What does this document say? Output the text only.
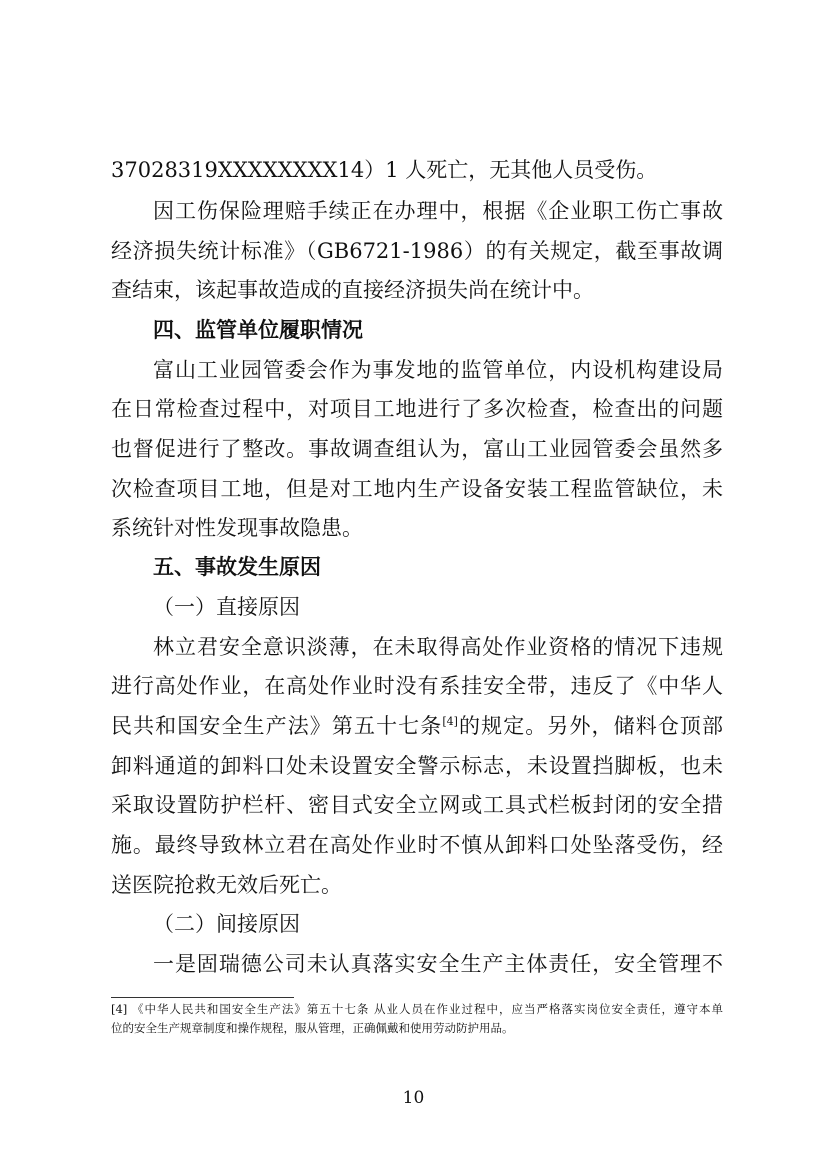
37028319XXXXXXXX14）1 人死亡，无其他人员受伤。
因工伤保险理赔手续正在办理中，根据《企业职工伤亡事故
经济损失统计标准》（GB6721-1986）的有关规定，截至事故调
查结束，该起事故造成的直接经济损失尚在统计中。
四、监管单位履职情况
富山工业园管委会作为事发地的监管单位，内设机构建设局
在日常检查过程中，对项目工地进行了多次检查，检查出的问题
也督促进行了整改。事故调查组认为，富山工业园管委会虽然多
次检查项目工地，但是对工地内生产设备安装工程监管缺位，未
系统针对性发现事故隐患。
五、事故发生原因
（一）直接原因
林立君安全意识淡薄，在未取得高处作业资格的情况下违规
进行高处作业，在高处作业时没有系挂安全带，违反了《中华人
民共和国安全生产法》第五十七条[4]的规定。另外，储料仓顶部
卸料通道的卸料口处未设置安全警示标志，未设置挡脚板，也未
采取设置防护栏杆、密目式安全立网或工具式栏板封闭的安全措
施。最终导致林立君在高处作业时不慎从卸料口处坠落受伤，经
送医院抢救无效后死亡。
（二）间接原因
一是固瑞德公司未认真落实安全生产主体责任，安全管理不
[4] 《中华人民共和国安全生产法》第五十七条 从业人员在作业过程中，应当严格落实岗位安全责任，遵守本单
位的安全生产规章制度和操作规程，服从管理，正确佩戴和使用劳动防护用品。
10
